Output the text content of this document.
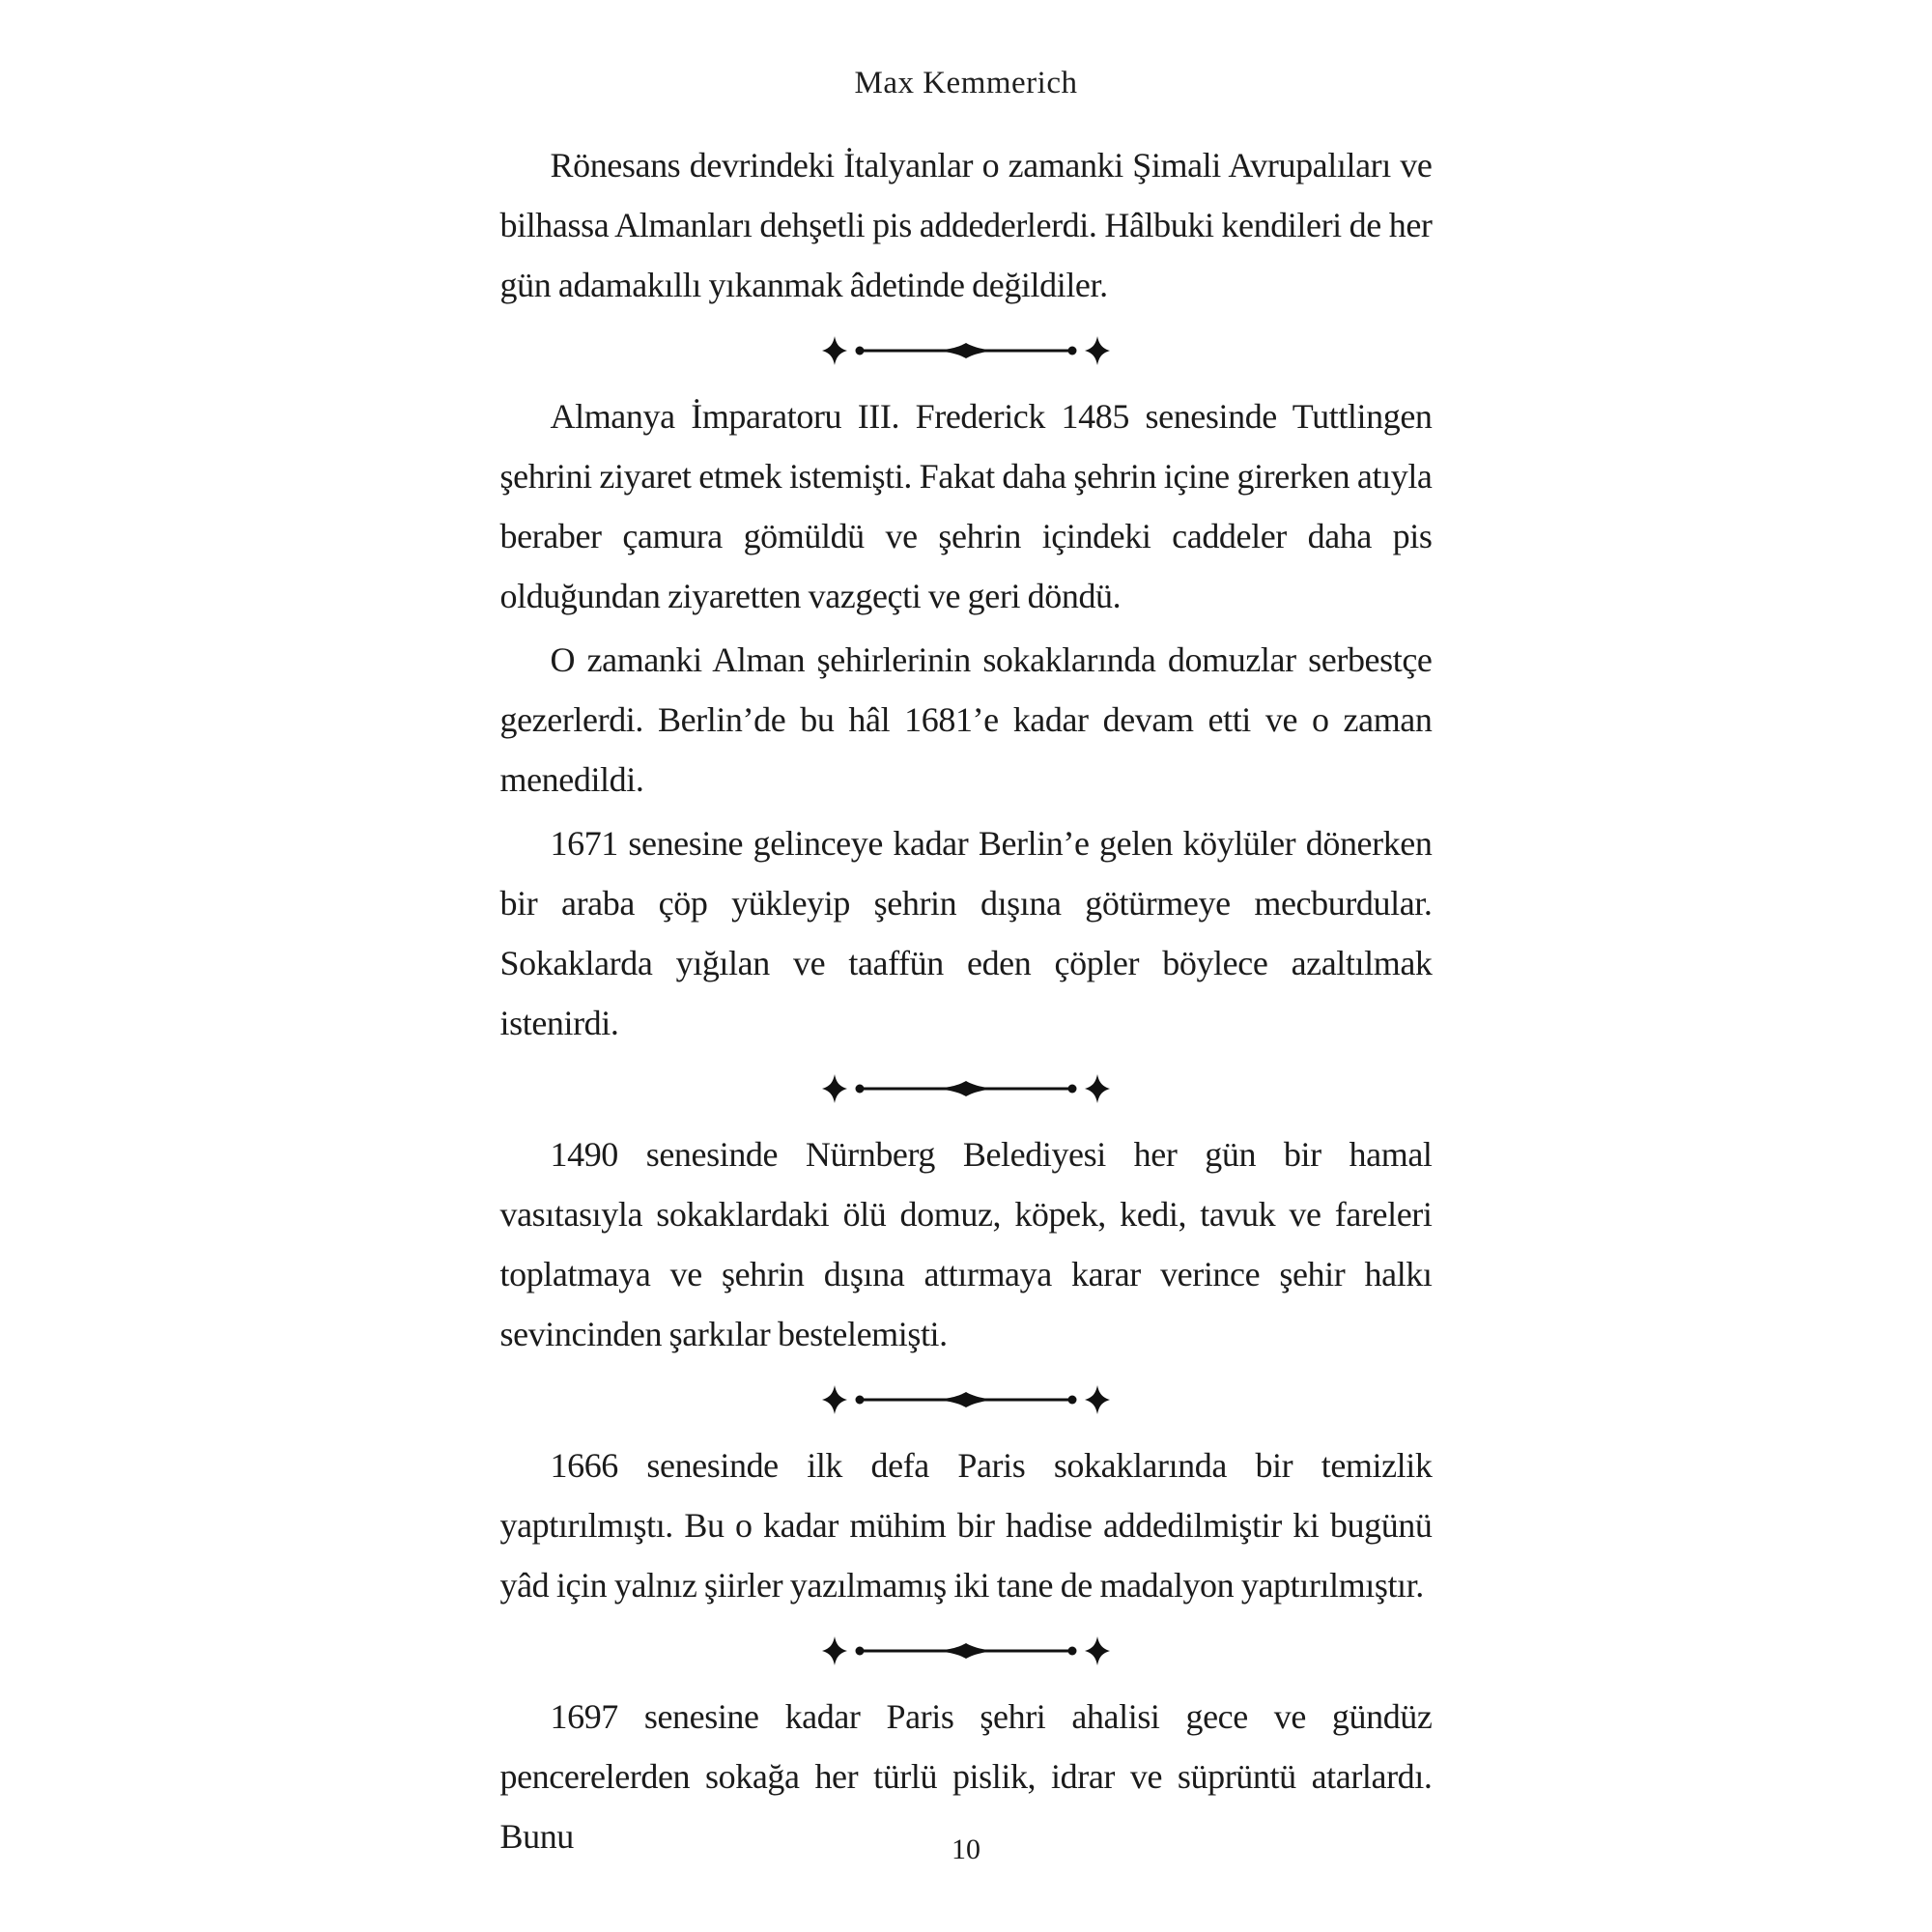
Max Kemmerich

Rönesans devrindeki İtalyanlar o zamanki Şimali Avrupalıları ve bilhassa Almanları dehşetli pis addederlerdi. Hâlbuki kendileri de her gün adamakıllı yıkanmak âdetinde değildiler.

Almanya İmparatoru III. Frederick 1485 senesinde Tuttlingen şehrini ziyaret etmek istemişti. Fakat daha şehrin içine girerken atıyla beraber çamura gömüldü ve şehrin içindeki caddeler daha pis olduğundan ziyaretten vazgeçti ve geri döndü.

O zamanki Alman şehirlerinin sokaklarında domuzlar serbestçe gezerlerdi. Berlin’de bu hâl 1681’e kadar devam etti ve o zaman menedildi.

1671 senesine gelinceye kadar Berlin’e gelen köylüler dönerken bir araba çöp yükleyip şehrin dışına götürmeye mecburdular. Sokaklarda yığılan ve taaffün eden çöpler böylece azaltılmak istenirdi.

1490 senesinde Nürnberg Belediyesi her gün bir hamal vasıtasıyla sokaklardaki ölü domuz, köpek, kedi, tavuk ve fareleri toplatmaya ve şehrin dışına attırmaya karar verince şehir halkı sevincinden şarkılar bestelemişti.

1666 senesinde ilk defa Paris sokaklarında bir temizlik yaptırılmıştı. Bu o kadar mühim bir hadise addedilmiştir ki bugünü yâd için yalnız şiirler yazılmamış iki tane de madalyon yaptırılmıştır.

1697 senesine kadar Paris şehri ahalisi gece ve gündüz pencerelerden sokağa her türlü pislik, idrar ve süprüntü atarlardı. Bunu	10
